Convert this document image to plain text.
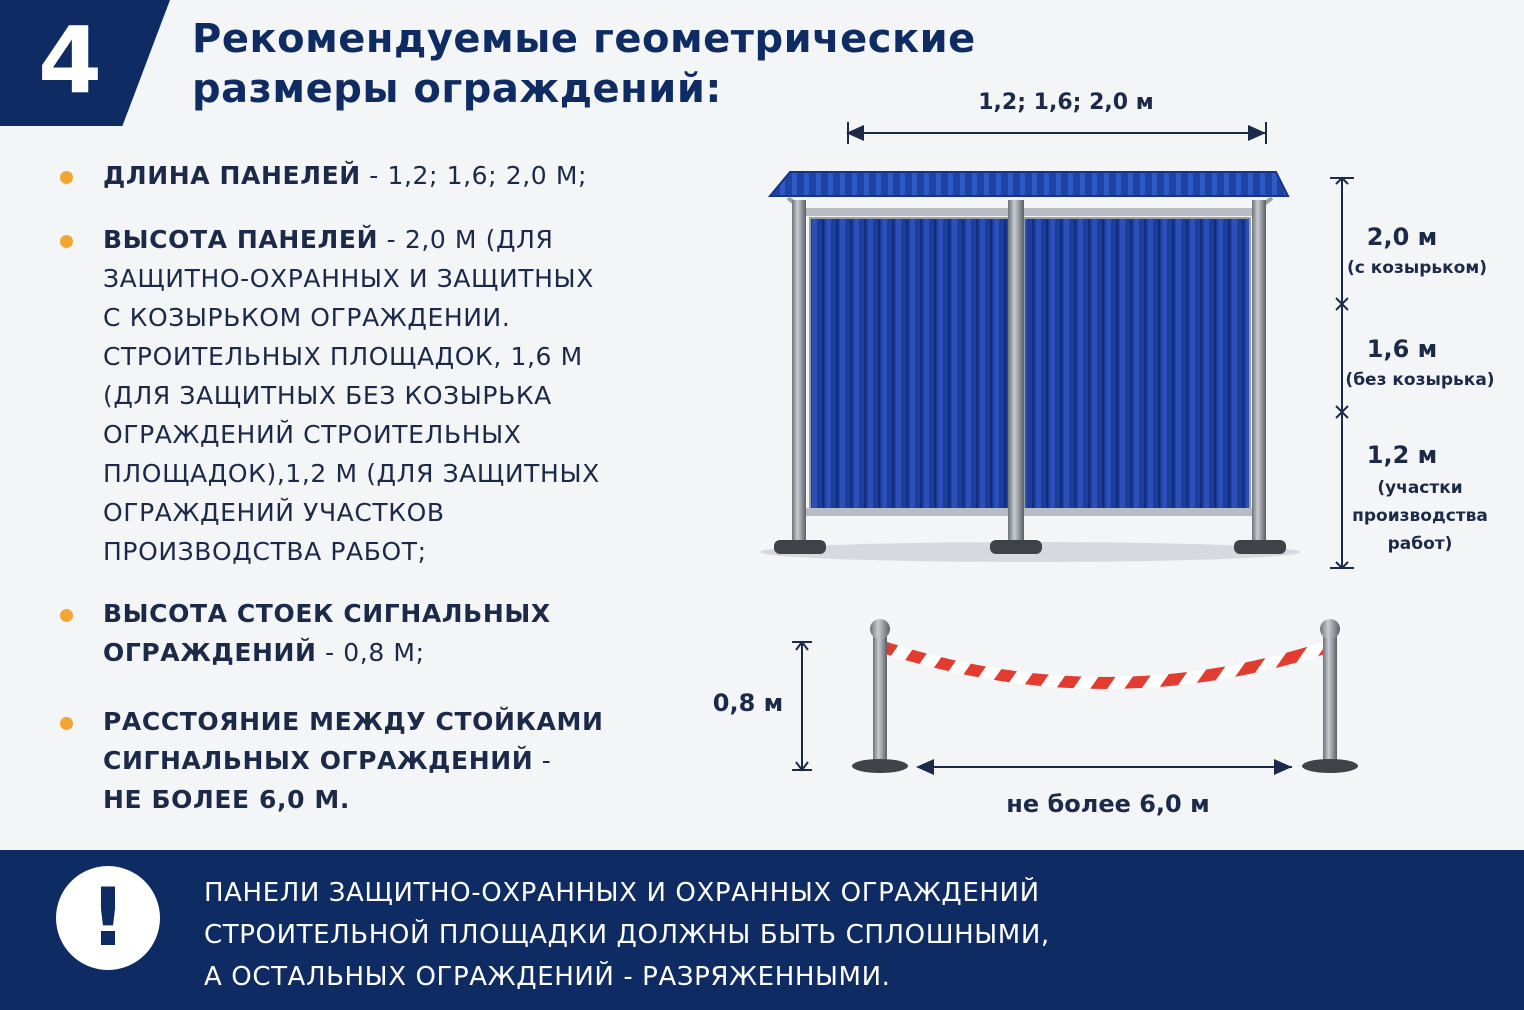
4 Рекомендуемые геометрические
размеры ограждений:
ДЛИНА ПАНЕЛЕЙ - 1,2; 1,6; 2,0 М;
ВЫСОТА ПАНЕЛЕЙ - 2,0 М (ДЛЯ
ЗАЩИТНО-ОХРАННЫХ И ЗАЩИТНЫХ
С КОЗЫРЬКОМ ОГРАЖДЕНИИ.
СТРОИТЕЛЬНЫХ ПЛОЩАДОК, 1,6 М
(ДЛЯ ЗАЩИТНЫХ БЕЗ КОЗЫРЬКА
ОГРАЖДЕНИЙ СТРОИТЕЛЬНЫХ
ПЛОЩАДОК),1,2 М (ДЛЯ ЗАЩИТНЫХ
ОГРАЖДЕНИЙ УЧАСТКОВ
ПРОИЗВОДСТВА РАБОТ;
ВЫСОТА СТОЕК СИГНАЛЬНЫХ
ОГРАЖДЕНИЙ - 0,8 М;
РАССТОЯНИЕ МЕЖДУ СТОЙКАМИ
СИГНАЛЬНЫХ ОГРАЖДЕНИЙ -
НЕ БОЛЕЕ 6,0 М.
1,2; 1,6; 2,0 м
2,0 м
(с козырьком)
1,6 м
(без козырька)
1,2 м
(участки
производства
работ)
0,8 м
не более 6,0 м
!	ПАНЕЛИ ЗАЩИТНО-ОХРАННЫХ И ОХРАННЫХ ОГРАЖДЕНИЙ
СТРОИТЕЛЬНОЙ ПЛОЩАДКИ ДОЛЖНЫ БЫТЬ СПЛОШНЫМИ,
А ОСТАЛЬНЫХ ОГРАЖДЕНИЙ - РАЗРЯЖЕННЫМИ.
